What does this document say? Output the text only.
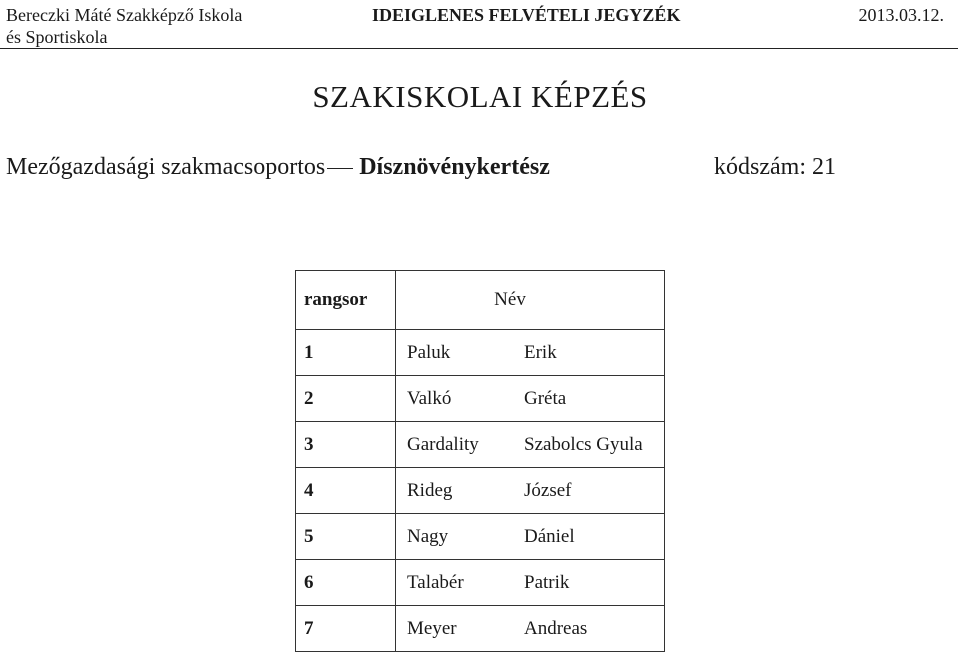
Bereczki Máté Szakképző Iskola
és Sportiskola
IDEIGLENES FELVÉTELI JEGYZÉK	2013.03.12.
SZAKISKOLAI KÉPZÉS
Mezőgazdasági szakmacsoportos Dísznövénykertész	kódszám: 21
rangsor	Név
1	Paluk Erik
2	Valkó Gréta
3	Gardality Szabolcs Gyula
4	Rideg József
5	Nagy Dániel
6	Talabér Patrik
7	Meyer Andreas
